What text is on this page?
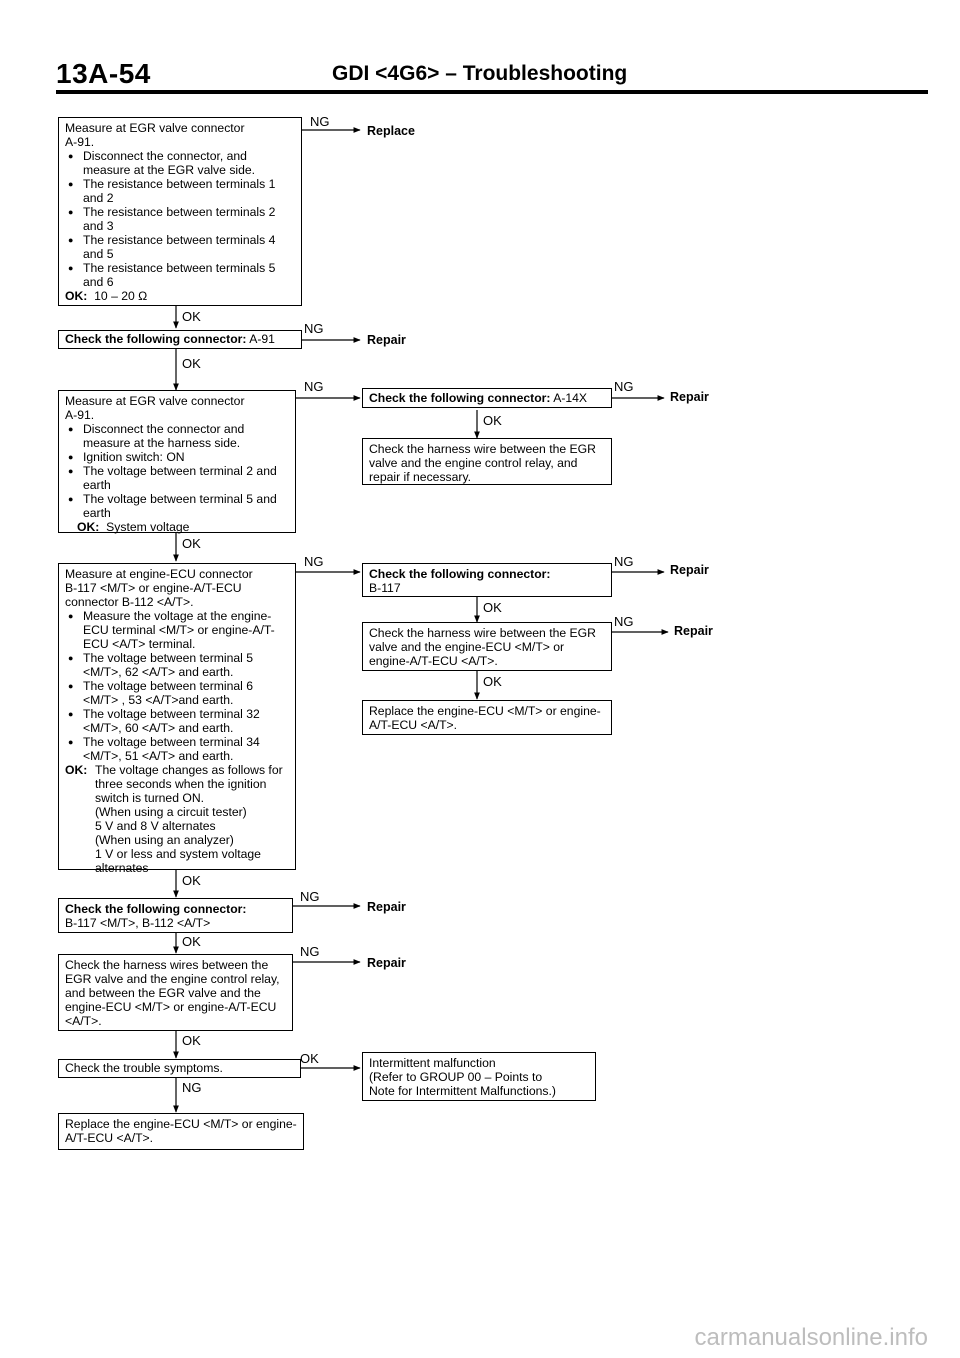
13A-54	GDI <4G6> – Troubleshooting
Measure at EGR valve connector
A-91.
● Disconnect the connector, and measure at the EGR valve side.
● The resistance between terminals 1 and 2
● The resistance between terminals 2 and 3
● The resistance between terminals 4 and 5
● The resistance between terminals 5 and 6
OK: 10 – 20 Ω
Check the following connector: A-91
Measure at EGR valve connector
A-91.
● Disconnect the connector and measure at the harness side.
● Ignition switch: ON
● The voltage between terminal 2 and earth
● The voltage between terminal 5 and earth
OK: System voltage
Measure at engine-ECU connector
B-117 <M/T> or engine-A/T-ECU
connector B-112 <A/T>.
● Measure the voltage at the engine-ECU terminal <M/T> or engine-A/T-ECU <A/T> terminal.
● The voltage between terminal 5 <M/T>, 62 <A/T> and earth.
● The voltage between terminal 6 <M/T> , 53 <A/T>and earth.
● The voltage between terminal 32 <M/T>, 60 <A/T> and earth.
● The voltage between terminal 34 <M/T>, 51 <A/T> and earth.
OK: The voltage changes as follows for three seconds when the ignition switch is turned ON.
(When using a circuit tester)
5 V and 8 V alternates
(When using an analyzer)
1 V or less and system voltage alternates
Check the following connector:
B-117 <M/T>, B-112 <A/T>
Check the harness wires between the EGR valve and the engine control relay, and between the EGR valve and the engine-ECU <M/T> or engine-A/T-ECU <A/T>.
Check the trouble symptoms.
Replace the engine-ECU <M/T> or engine-A/T-ECU <A/T>.
Check the following connector: A-14X
Check the harness wire between the EGR valve and the engine control relay, and repair if necessary.
Check the following connector:
B-117
Check the harness wire between the EGR valve and the engine-ECU <M/T> or engine-A/T-ECU <A/T>.
Replace the engine-ECU <M/T> or engine-A/T-ECU <A/T>.
Intermittent malfunction
(Refer to GROUP 00 – Points to
Note for Intermittent Malfunctions.)
OK
OK
OK
OK
OK
OK
NG
OK
OK
OK
NG
NG
NG
NG
NG
NG
OK
NG
NG
NG
Replace
Repair
Repair
Repair
Repair
Repair
Repair
carmanualsonline.info
